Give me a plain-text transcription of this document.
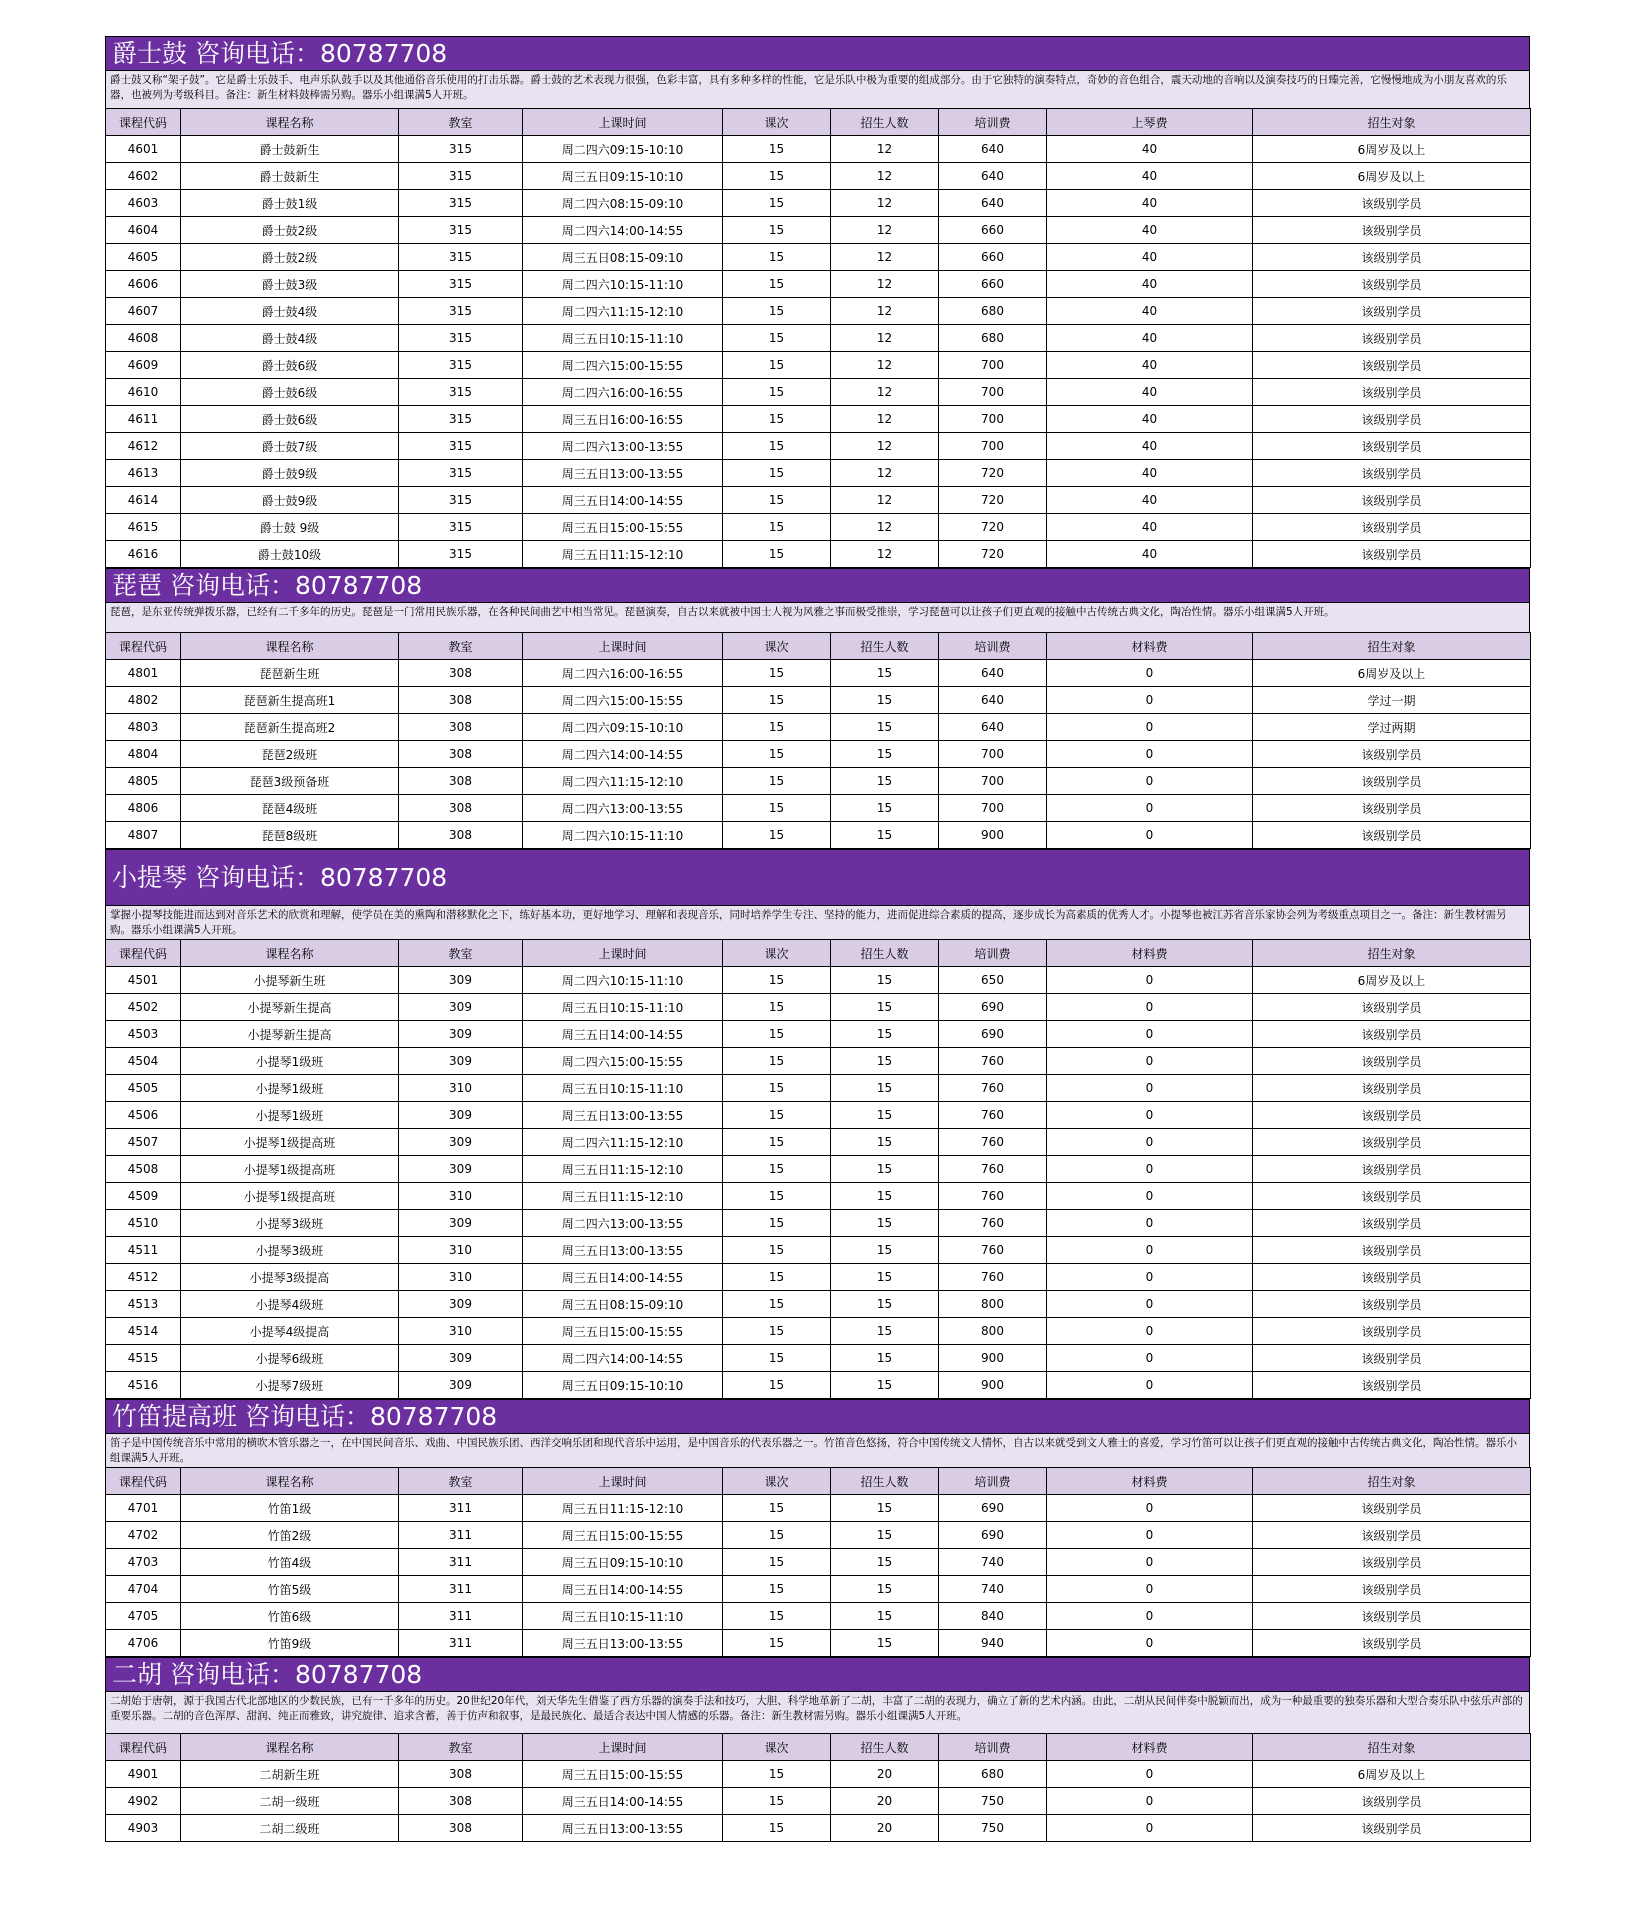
爵士鼓 咨询电话：80787708
爵士鼓又称“架子鼓”。它是爵士乐鼓手、电声乐队鼓手以及其他通俗音乐使用的打击乐器。爵士鼓的艺术表现力很强，色彩丰富，具有多种多样的性能，它是乐队中极为重要的组成部分。由于它独特的演奏特点，奇妙的音色组合，震天动地的音响以及演奏技巧的日臻完善，它慢慢地成为小朋友喜欢的乐器，也被列为考级科目。备注：新生材料鼓棒需另购。器乐小组课满5人开班。
课程代码	课程名称	教室	上课时间	课次	招生人数	培训费	上琴费	招生对象
4601	爵士鼓新生	315	周二四六09:15-10:10	15	12	640	40	6周岁及以上
4602	爵士鼓新生	315	周三五日09:15-10:10	15	12	640	40	6周岁及以上
4603	爵士鼓1级	315	周二四六08:15-09:10	15	12	640	40	该级别学员
4604	爵士鼓2级	315	周二四六14:00-14:55	15	12	660	40	该级别学员
4605	爵士鼓2级	315	周三五日08:15-09:10	15	12	660	40	该级别学员
4606	爵士鼓3级	315	周二四六10:15-11:10	15	12	660	40	该级别学员
4607	爵士鼓4级	315	周二四六11:15-12:10	15	12	680	40	该级别学员
4608	爵士鼓4级	315	周三五日10:15-11:10	15	12	680	40	该级别学员
4609	爵士鼓6级	315	周二四六15:00-15:55	15	12	700	40	该级别学员
4610	爵士鼓6级	315	周二四六16:00-16:55	15	12	700	40	该级别学员
4611	爵士鼓6级	315	周三五日16:00-16:55	15	12	700	40	该级别学员
4612	爵士鼓7级	315	周二四六13:00-13:55	15	12	700	40	该级别学员
4613	爵士鼓9级	315	周三五日13:00-13:55	15	12	720	40	该级别学员
4614	爵士鼓9级	315	周三五日14:00-14:55	15	12	720	40	该级别学员
4615	爵士鼓 9级	315	周三五日15:00-15:55	15	12	720	40	该级别学员
4616	爵士鼓10级	315	周三五日11:15-12:10	15	12	720	40	该级别学员
琵琶 咨询电话：80787708
琵琶，是东亚传统弹拨乐器，已经有二千多年的历史。琵琶是一门常用民族乐器，在各种民间曲艺中相当常见。琵琶演奏，自古以来就被中国士人视为风雅之事而极受推崇，学习琵琶可以让孩子们更直观的接触中古传统古典文化，陶冶性情。器乐小组课满5人开班。
课程代码	课程名称	教室	上课时间	课次	招生人数	培训费	材料费	招生对象
4801	琵琶新生班	308	周二四六16:00-16:55	15	15	640	0	6周岁及以上
4802	琵琶新生提高班1	308	周二四六15:00-15:55	15	15	640	0	学过一期
4803	琵琶新生提高班2	308	周二四六09:15-10:10	15	15	640	0	学过两期
4804	琵琶2级班	308	周二四六14:00-14:55	15	15	700	0	该级别学员
4805	琵琶3级预备班	308	周二四六11:15-12:10	15	15	700	0	该级别学员
4806	琵琶4级班	308	周二四六13:00-13:55	15	15	700	0	该级别学员
4807	琵琶8级班	308	周二四六10:15-11:10	15	15	900	0	该级别学员
小提琴 咨询电话：80787708
掌握小提琴技能进而达到对音乐艺术的欣赏和理解，使学员在美的熏陶和潜移默化之下，练好基本功，更好地学习、理解和表现音乐，同时培养学生专注、坚持的能力，进而促进综合素质的提高，逐步成长为高素质的优秀人才。小提琴也被江苏省音乐家协会列为考级重点项目之一。备注：新生教材需另购。器乐小组课满5人开班。
课程代码	课程名称	教室	上课时间	课次	招生人数	培训费	材料费	招生对象
4501	小提琴新生班	309	周二四六10:15-11:10	15	15	650	0	6周岁及以上
4502	小提琴新生提高	309	周三五日10:15-11:10	15	15	690	0	该级别学员
4503	小提琴新生提高	309	周三五日14:00-14:55	15	15	690	0	该级别学员
4504	小提琴1级班	309	周二四六15:00-15:55	15	15	760	0	该级别学员
4505	小提琴1级班	310	周三五日10:15-11:10	15	15	760	0	该级别学员
4506	小提琴1级班	309	周三五日13:00-13:55	15	15	760	0	该级别学员
4507	小提琴1级提高班	309	周二四六11:15-12:10	15	15	760	0	该级别学员
4508	小提琴1级提高班	309	周三五日11:15-12:10	15	15	760	0	该级别学员
4509	小提琴1级提高班	310	周三五日11:15-12:10	15	15	760	0	该级别学员
4510	小提琴3级班	309	周二四六13:00-13:55	15	15	760	0	该级别学员
4511	小提琴3级班	310	周三五日13:00-13:55	15	15	760	0	该级别学员
4512	小提琴3级提高	310	周三五日14:00-14:55	15	15	760	0	该级别学员
4513	小提琴4级班	309	周三五日08:15-09:10	15	15	800	0	该级别学员
4514	小提琴4级提高	310	周三五日15:00-15:55	15	15	800	0	该级别学员
4515	小提琴6级班	309	周二四六14:00-14:55	15	15	900	0	该级别学员
4516	小提琴7级班	309	周三五日09:15-10:10	15	15	900	0	该级别学员
竹笛提高班 咨询电话：80787708
笛子是中国传统音乐中常用的横吹木管乐器之一，在中国民间音乐、戏曲、中国民族乐团、西洋交响乐团和现代音乐中运用，是中国音乐的代表乐器之一。竹笛音色悠扬，符合中国传统文人情怀，自古以来就受到文人雅士的喜爱，学习竹笛可以让孩子们更直观的接触中古传统古典文化，陶冶性情。器乐小组课满5人开班。
课程代码	课程名称	教室	上课时间	课次	招生人数	培训费	材料费	招生对象
4701	竹笛1级	311	周三五日11:15-12:10	15	15	690	0	该级别学员
4702	竹笛2级	311	周三五日15:00-15:55	15	15	690	0	该级别学员
4703	竹笛4级	311	周三五日09:15-10:10	15	15	740	0	该级别学员
4704	竹笛5级	311	周三五日14:00-14:55	15	15	740	0	该级别学员
4705	竹笛6级	311	周三五日10:15-11:10	15	15	840	0	该级别学员
4706	竹笛9级	311	周三五日13:00-13:55	15	15	940	0	该级别学员
二胡 咨询电话：80787708
二胡始于唐朝，源于我国古代北部地区的少数民族，已有一千多年的历史。20世纪20年代，刘天华先生借鉴了西方乐器的演奏手法和技巧，大胆、科学地革新了二胡，丰富了二胡的表现力，确立了新的艺术内涵。由此，二胡从民间伴奏中脱颖而出，成为一种最重要的独奏乐器和大型合奏乐队中弦乐声部的重要乐器。二胡的音色浑厚、甜润、纯正而雅致，讲究旋律、追求含蓄，善于仿声和叙事，是最民族化、最适合表达中国人情感的乐器。备注：新生教材需另购。器乐小组课满5人开班。
课程代码	课程名称	教室	上课时间	课次	招生人数	培训费	材料费	招生对象
4901	二胡新生班	308	周三五日15:00-15:55	15	20	680	0	6周岁及以上
4902	二胡一级班	308	周三五日14:00-14:55	15	20	750	0	该级别学员
4903	二胡二级班	308	周三五日13:00-13:55	15	20	750	0	该级别学员
